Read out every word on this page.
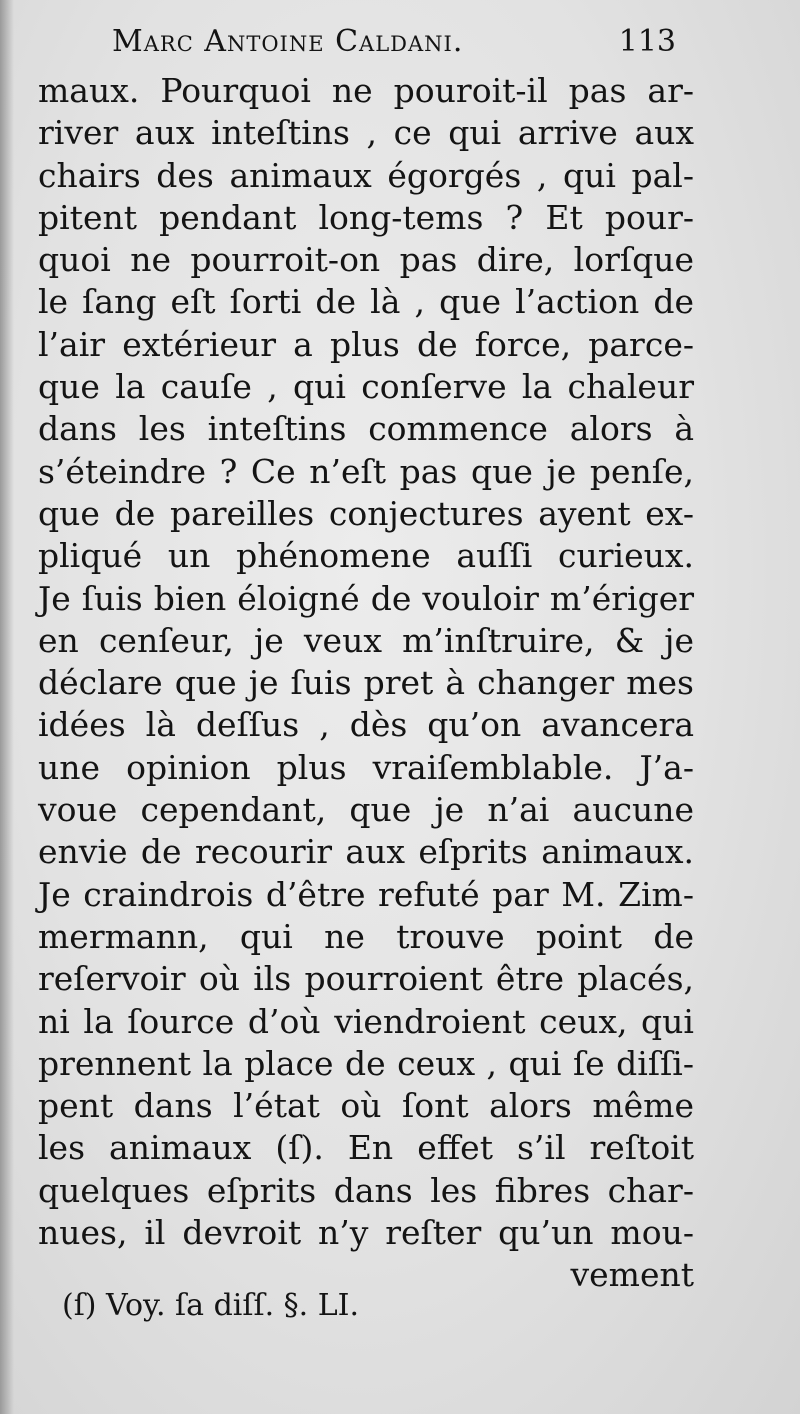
Marc Antoine Caldani.	113
maux. Pourquoi ne pouroit-il pas ar-
river aux inteſtins , ce qui arrive aux
chairs des animaux égorgés , qui pal-
pitent pendant long-tems ? Et pour-
quoi ne pourroit-on pas dire, lorſque
le ſang eſt ſorti de là , que l’action de
l’air extérieur a plus de force, parce-
que la cauſe , qui conſerve la chaleur
dans les inteſtins commence alors à
s’éteindre ? Ce n’eſt pas que je penſe,
que de pareilles conjectures ayent ex-
pliqué un phénomene auſſi curieux.
Je ſuis bien éloigné de vouloir m’ériger
en cenſeur, je veux m’inſtruire, & je
déclare que je ſuis pret à changer mes
idées là deſſus , dès qu’on avancera
une opinion plus vraiſemblable. J’a-
voue cependant, que je n’ai aucune
envie de recourir aux eſprits animaux.
Je craindrois d’être refuté par M. Zim-
mermann, qui ne trouve point de
reſervoir où ils pourroient être placés,
ni la ſource d’où viendroient ceux, qui
prennent la place de ceux , qui ſe diſſi-
pent dans l’état où ſont alors même
les animaux (ſ). En effet s’il reſtoit
quelques eſprits dans les fibres char-
nues, il devroit n’y reſter qu’un mou-
vement
(ſ) Voy. ſa diſſ. §. LI.
